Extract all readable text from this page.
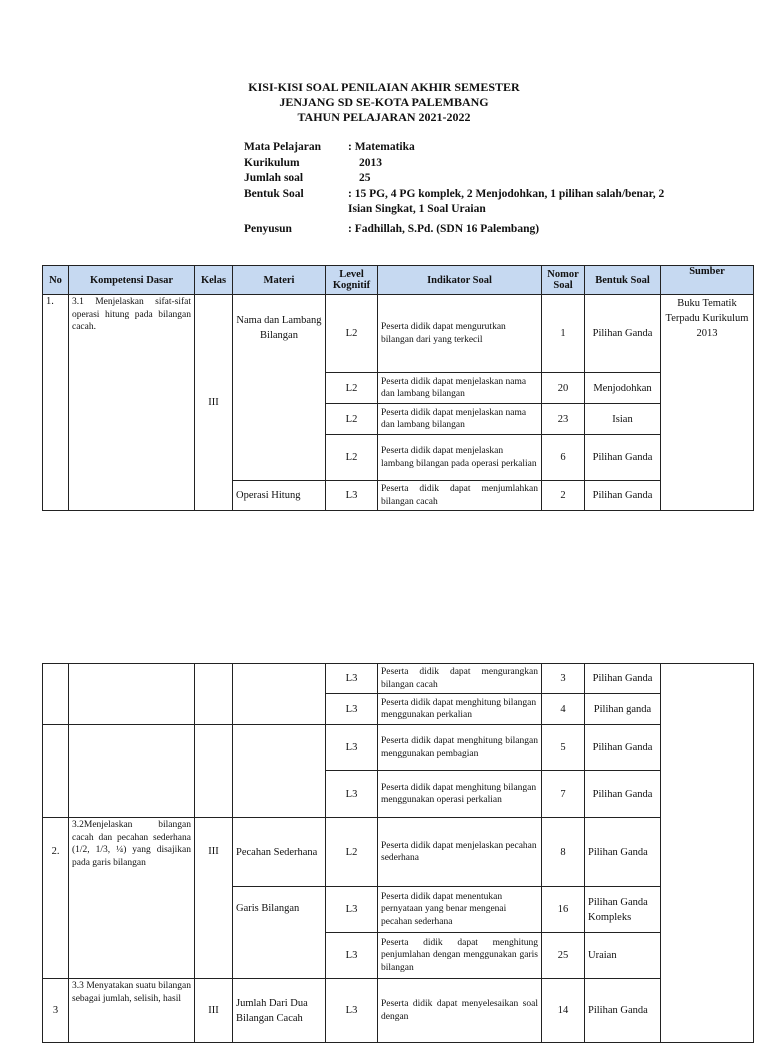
KISI-KISI SOAL PENILAIAN AKHIR SEMESTER
JENJANG SD SE-KOTA PALEMBANG
TAHUN PELAJARAN 2021-2022
Mata Pelajaran	: Matematika
Kurikulum	2013
Jumlah soal	25
Bentuk Soal	: 15 PG, 4 PG komplek, 2 Menjodohkan, 1 pilihan salah/benar, 2 Isian Singkat, 1 Soal Uraian
Penyusun	: Fadhillah, S.Pd. (SDN 16 Palembang)
No	Kompetensi Dasar	Kelas	Materi	Level Kognitif	Indikator Soal	Nomor Soal	Bentuk Soal	Sumber
1.	3.1 Menjelaskan sifat-sifat operasi hitung pada bilangan cacah.	III	Nama dan Lambang Bilangan	L2	Peserta didik dapat mengurutkan bilangan dari yang terkecil	1	Pilihan Ganda	Buku Tematik Terpadu Kurikulum 2013
				L2	Peserta didik dapat menjelaskan nama dan lambang bilangan	20	Menjodohkan	
				L2	Peserta didik dapat menjelaskan nama dan lambang bilangan	23	Isian	
				L2	Peserta didik dapat menjelaskan lambang bilangan pada operasi perkalian	6	Pilihan Ganda	
			Operasi Hitung	L3	Peserta didik dapat menjumlahkan bilangan cacah	2	Pilihan Ganda	
				L3	Peserta didik dapat mengurangkan bilangan cacah	3	Pilihan Ganda	
				L3	Peserta didik dapat menghitung bilangan menggunakan perkalian	4	Pilihan ganda	
				L3	Peserta didik dapat menghitung bilangan menggunakan pembagian	5	Pilihan Ganda	
				L3	Peserta didik dapat menghitung bilangan menggunakan operasi perkalian	7	Pilihan Ganda	
2.	3.2Menjelaskan bilangan cacah dan pecahan sederhana (1/2, 1/3, ¼) yang disajikan pada garis bilangan	III	Pecahan Sederhana	L2	Peserta didik dapat menjelaskan pecahan sederhana	8	Pilihan Ganda	
			Garis Bilangan	L3	Peserta didik dapat menentukan pernyataan yang benar mengenai pecahan sederhana	16	Pilihan Ganda Kompleks	
				L3	Peserta didik dapat menghitung penjumlahan dengan menggunakan garis bilangan	25	Uraian	
3	3.3 Menyatakan suatu bilangan sebagai jumlah, selisih, hasil	III	Jumlah Dari Dua Bilangan Cacah	L3	Peserta didik dapat menyelesaikan soal dengan	14	Pilihan Ganda	
